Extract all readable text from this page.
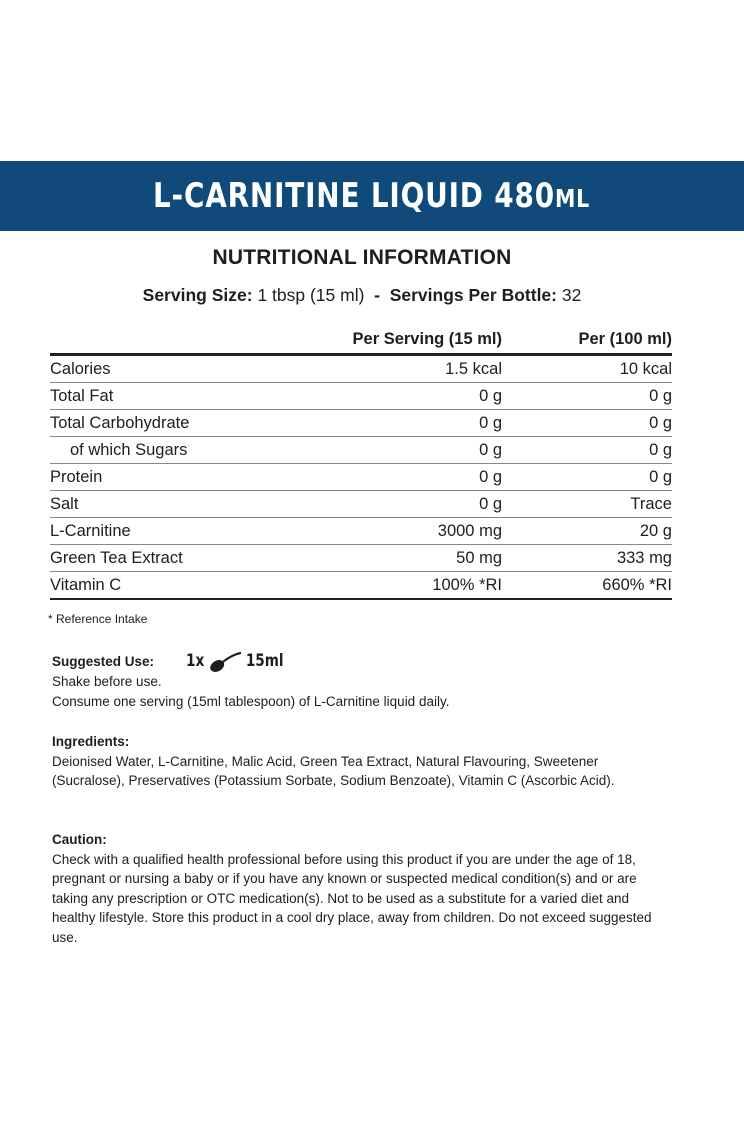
L-CARNITINE LIQUID 480ML
NUTRITIONAL INFORMATION
Serving Size: 1 tbsp (15 ml) - Servings Per Bottle: 32
	Per Serving (15 ml)	Per (100 ml)
Calories	1.5 kcal	10 kcal
Total Fat	0 g	0 g
Total Carbohydrate	0 g	0 g
of which Sugars	0 g	0 g
Protein	0 g	0 g
Salt	0 g	Trace
L-Carnitine	3000 mg	20 g
Green Tea Extract	50 mg	333 mg
Vitamin C	100% *RI	660% *RI
* Reference Intake
Suggested Use: 1x 15ml
Shake before use.
Consume one serving (15ml tablespoon) of L-Carnitine liquid daily.
Ingredients:
Deionised Water, L-Carnitine, Malic Acid, Green Tea Extract, Natural Flavouring, Sweetener (Sucralose), Preservatives (Potassium Sorbate, Sodium Benzoate), Vitamin C (Ascorbic Acid).
Caution:
Check with a qualified health professional before using this product if you are under the age of 18, pregnant or nursing a baby or if you have any known or suspected medical condition(s) and or are taking any prescription or OTC medication(s). Not to be used as a substitute for a varied diet and healthy lifestyle. Store this product in a cool dry place, away from children. Do not exceed suggested use.
